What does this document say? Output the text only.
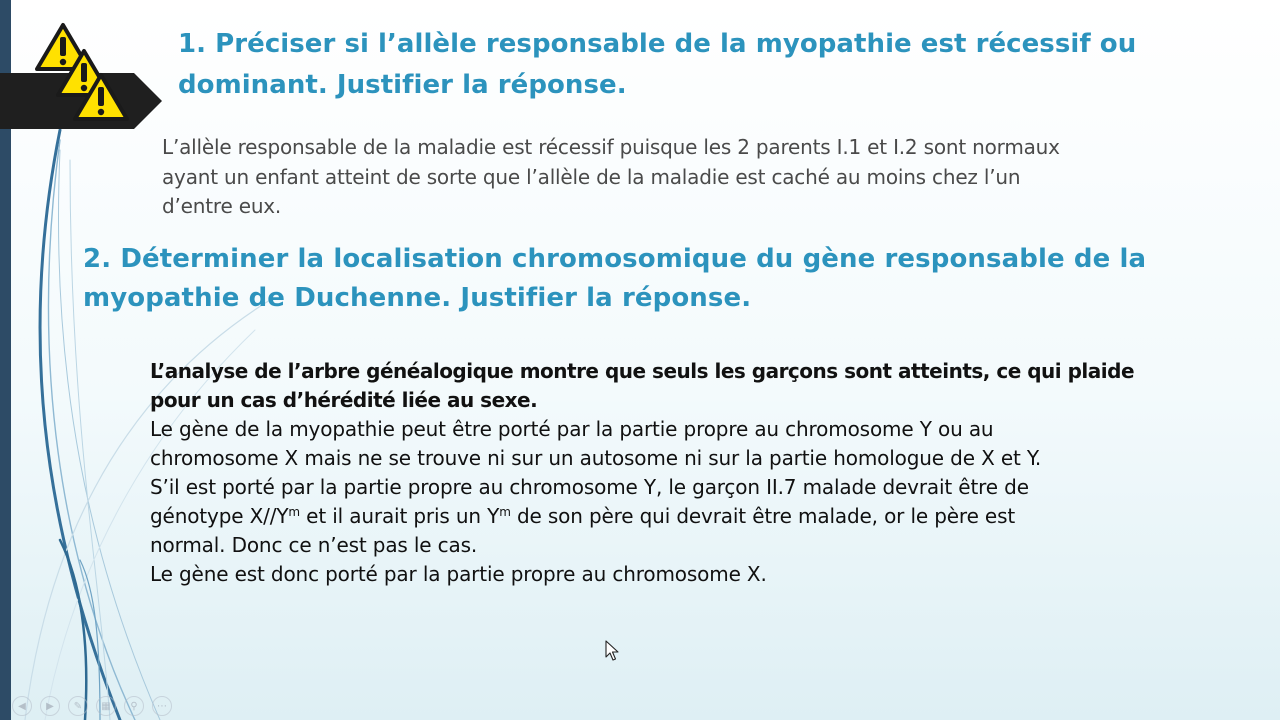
1. Préciser si l’allèle responsable de la myopathie est récessif ou
dominant. Justifier la réponse.

L’allèle responsable de la maladie est récessif puisque les 2 parents I.1 et I.2 sont normaux
ayant un enfant atteint de sorte que l’allèle de la maladie est caché au moins chez l’un
d’entre eux.

2. Déterminer la localisation chromosomique du gène responsable de la
myopathie de Duchenne. Justifier la réponse.

L’analyse de l’arbre généalogique montre que seuls les garçons sont atteints, ce qui plaide
pour un cas d’hérédité liée au sexe.
Le gène de la myopathie peut être porté par la partie propre au chromosome Y ou au
chromosome X mais ne se trouve ni sur un autosome ni sur la partie homologue de X et Y.
S’il est porté par la partie propre au chromosome Y, le garçon II.7 malade devrait être de
génotype $X//Y^m$ et il aurait pris un $Y^m$ de son père qui devrait être malade, or le père est
normal. Donc ce n’est pas le cas.
Le gène est donc porté par la partie propre au chromosome X.

◀	▶	✎	▦	⚲	⋯
